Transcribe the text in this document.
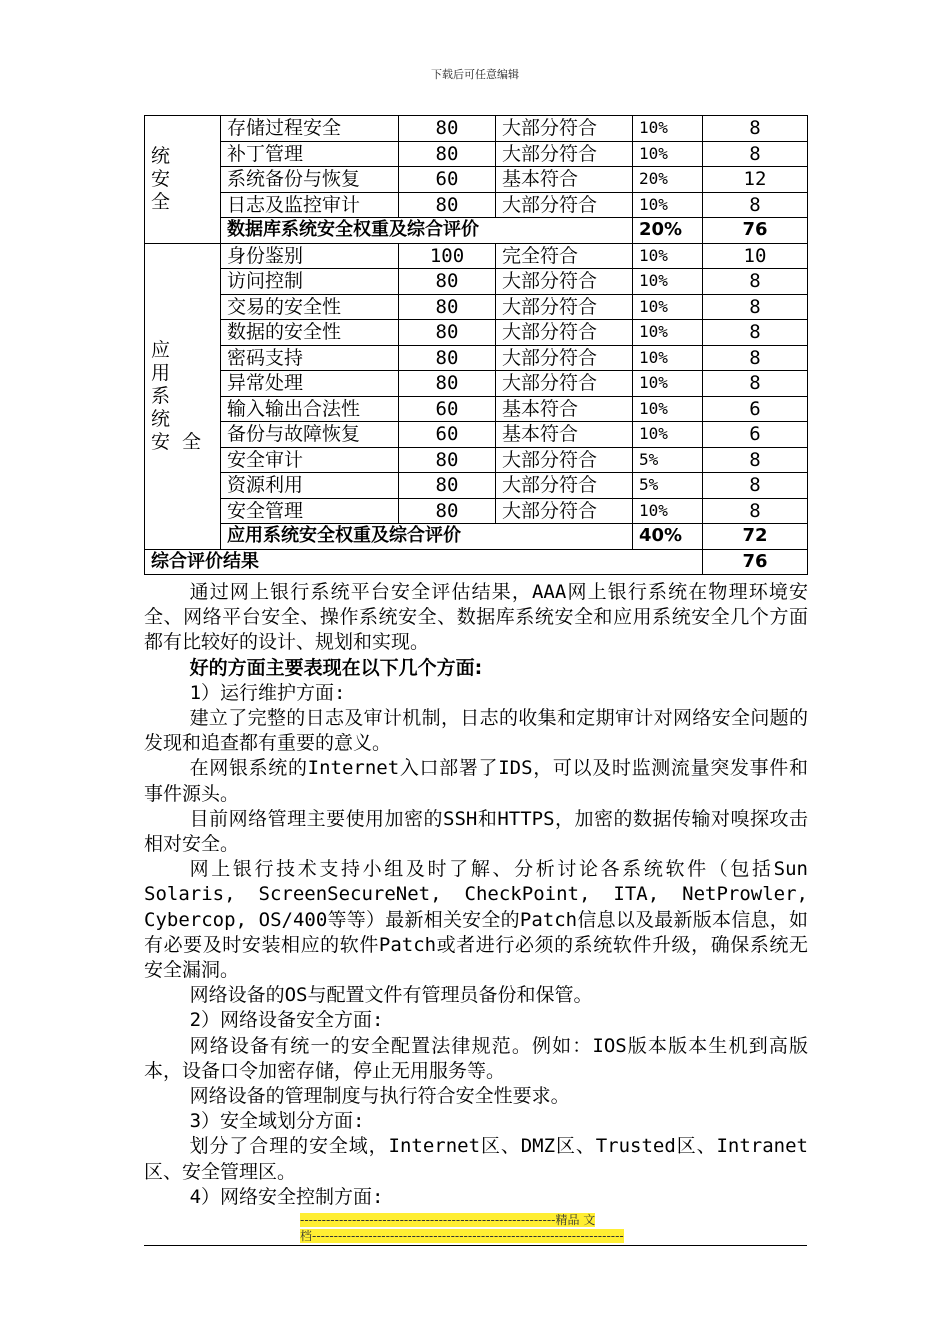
下载后可任意编辑
统 安 全	存储过程安全	80	大部分符合	10%	8
	补丁管理	80	大部分符合	10%	8
	系统备份与恢复	60	基本符合	20%	12
	日志及监控审计	80	大部分符合	10%	8
	数据库系统安全权重及综合评价			20%	76
应 用 系 统 安全	身份鉴别	100	完全符合	10%	10
	访问控制	80	大部分符合	10%	8
	交易的安全性	80	大部分符合	10%	8
	数据的安全性	80	大部分符合	10%	8
	密码支持	80	大部分符合	10%	8
	异常处理	80	大部分符合	10%	8
	输入输出合法性	60	基本符合	10%	6
	备份与故障恢复	60	基本符合	10%	6
	安全审计	80	大部分符合	5%	8
	资源利用	80	大部分符合	5%	8
	安全管理	80	大部分符合	10%	8
	应用系统安全权重及综合评价			40%	72
综合评价结果					76

通过网上银行系统平台安全评估结果，AAA网上银行系统在物理环境安全、网络平台安全、操作系统安全、数据库系统安全和应用系统安全几个方面都有比较好的设计、规划和实现。

好的方面主要表现在以下几个方面:

1）运行维护方面:

建立了完整的日志及审计机制，日志的收集和定期审计对网络安全问题的发现和追查都有重要的意义。

在网银系统的Internet入口部署了IDS，可以及时监测流量突发事件和事件源头。

目前网络管理主要使用加密的SSH和HTTPS，加密的数据传输对嗅探攻击相对安全。

网上银行技术支持小组及时了解、分析讨论各系统软件（包括Sun Solaris, ScreenSecureNet, CheckPoint, ITA, NetProwler, Cybercop, OS/400等等）最新相关安全的Patch信息以及最新版本信息，如有必要及时安装相应的软件Patch或者进行必须的系统软件升级，确保系统无安全漏洞。

网络设备的OS与配置文件有管理员备份和保管。

2）网络设备安全方面:

网络设备有统一的安全配置法律规范。例如：IOS版本版本生机到高版本，设备口令加密存储，停止无用服务等。

网络设备的管理制度与执行符合安全性要求。

3）安全域划分方面:

划分了合理的安全域，Internet区、DMZ区、Trusted区、Intranet区、安全管理区。

4）网络安全控制方面:

-----------------------------------------------------------精品 文
档------------------------------------------------------------------------
